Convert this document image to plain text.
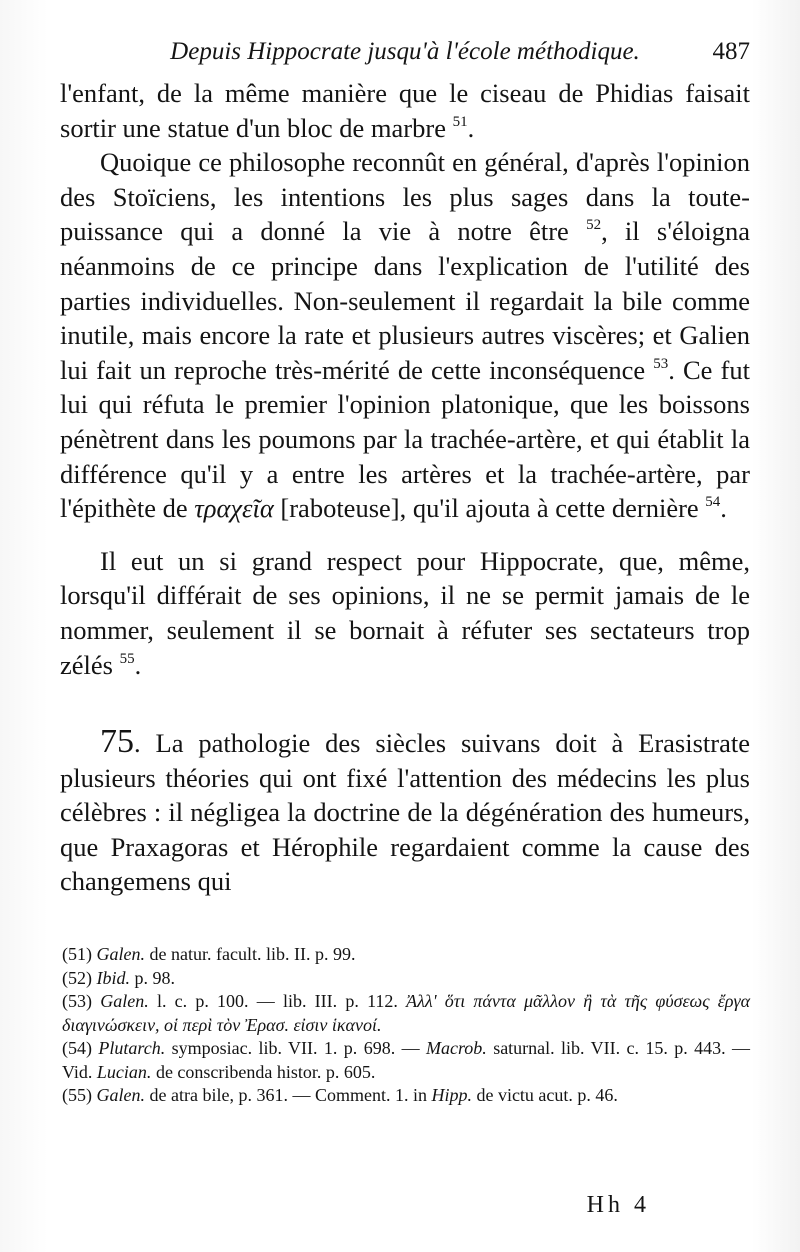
Depuis Hippocrate jusqu'à l'école méthodique.	487

l'enfant, de la même manière que le ciseau de Phidias faisait sortir une statue d'un bloc de marbre $^{51}$.

Quoique ce philosophe reconnût en général, d'après l'opinion des Stoïciens, les intentions les plus sages dans la toute-puissance qui a donné la vie à notre être $^{52}$, il s'éloigna néanmoins de ce principe dans l'explication de l'utilité des parties individuelles. Non-seulement il regardait la bile comme inutile, mais encore la rate et plusieurs autres viscères; et Galien lui fait un reproche très-mérité de cette inconséquence $^{53}$. Ce fut lui qui réfuta le premier l'opinion platonique, que les boissons pénètrent dans les poumons par la trachée-artère, et qui établit la différence qu'il y a entre les artères et la trachée-artère, par l'épithète de τραχεῖα [raboteuse], qu'il ajouta à cette dernière $^{54}$.

Il eut un si grand respect pour Hippocrate, que, même, lorsqu'il différait de ses opinions, il ne se permit jamais de le nommer, seulement il se bornait à réfuter ses sectateurs trop zélés $^{55}$.

75. La pathologie des siècles suivans doit à Erasistrate plusieurs théories qui ont fixé l'attention des médecins les plus célèbres : il négligea la doctrine de la dégénération des humeurs, que Praxagoras et Hérophile regardaient comme la cause des changemens qui

(51) Galen. de natur. facult. lib. II. p. 99.

(52) Ibid. p. 98.

(53) Galen. l. c. p. 100. — lib. III. p. 112. Ἀλλ' ὅτι πάντα μᾶλλον ἢ τὰ τῆς φύσεως ἔργα διαγινώσκειν, οἱ περὶ τὸν Ἐρασ. εἰσιν ἱκανοί.

(54) Plutarch. symposiac. lib. VII. 1. p. 698. — Macrob. saturnal. lib. VII. c. 15. p. 443. — Vid. Lucian. de conscribenda histor. p. 605.

(55) Galen. de atra bile, p. 361. — Comment. 1. in Hipp. de victu acut. p. 46.

Hh 4
